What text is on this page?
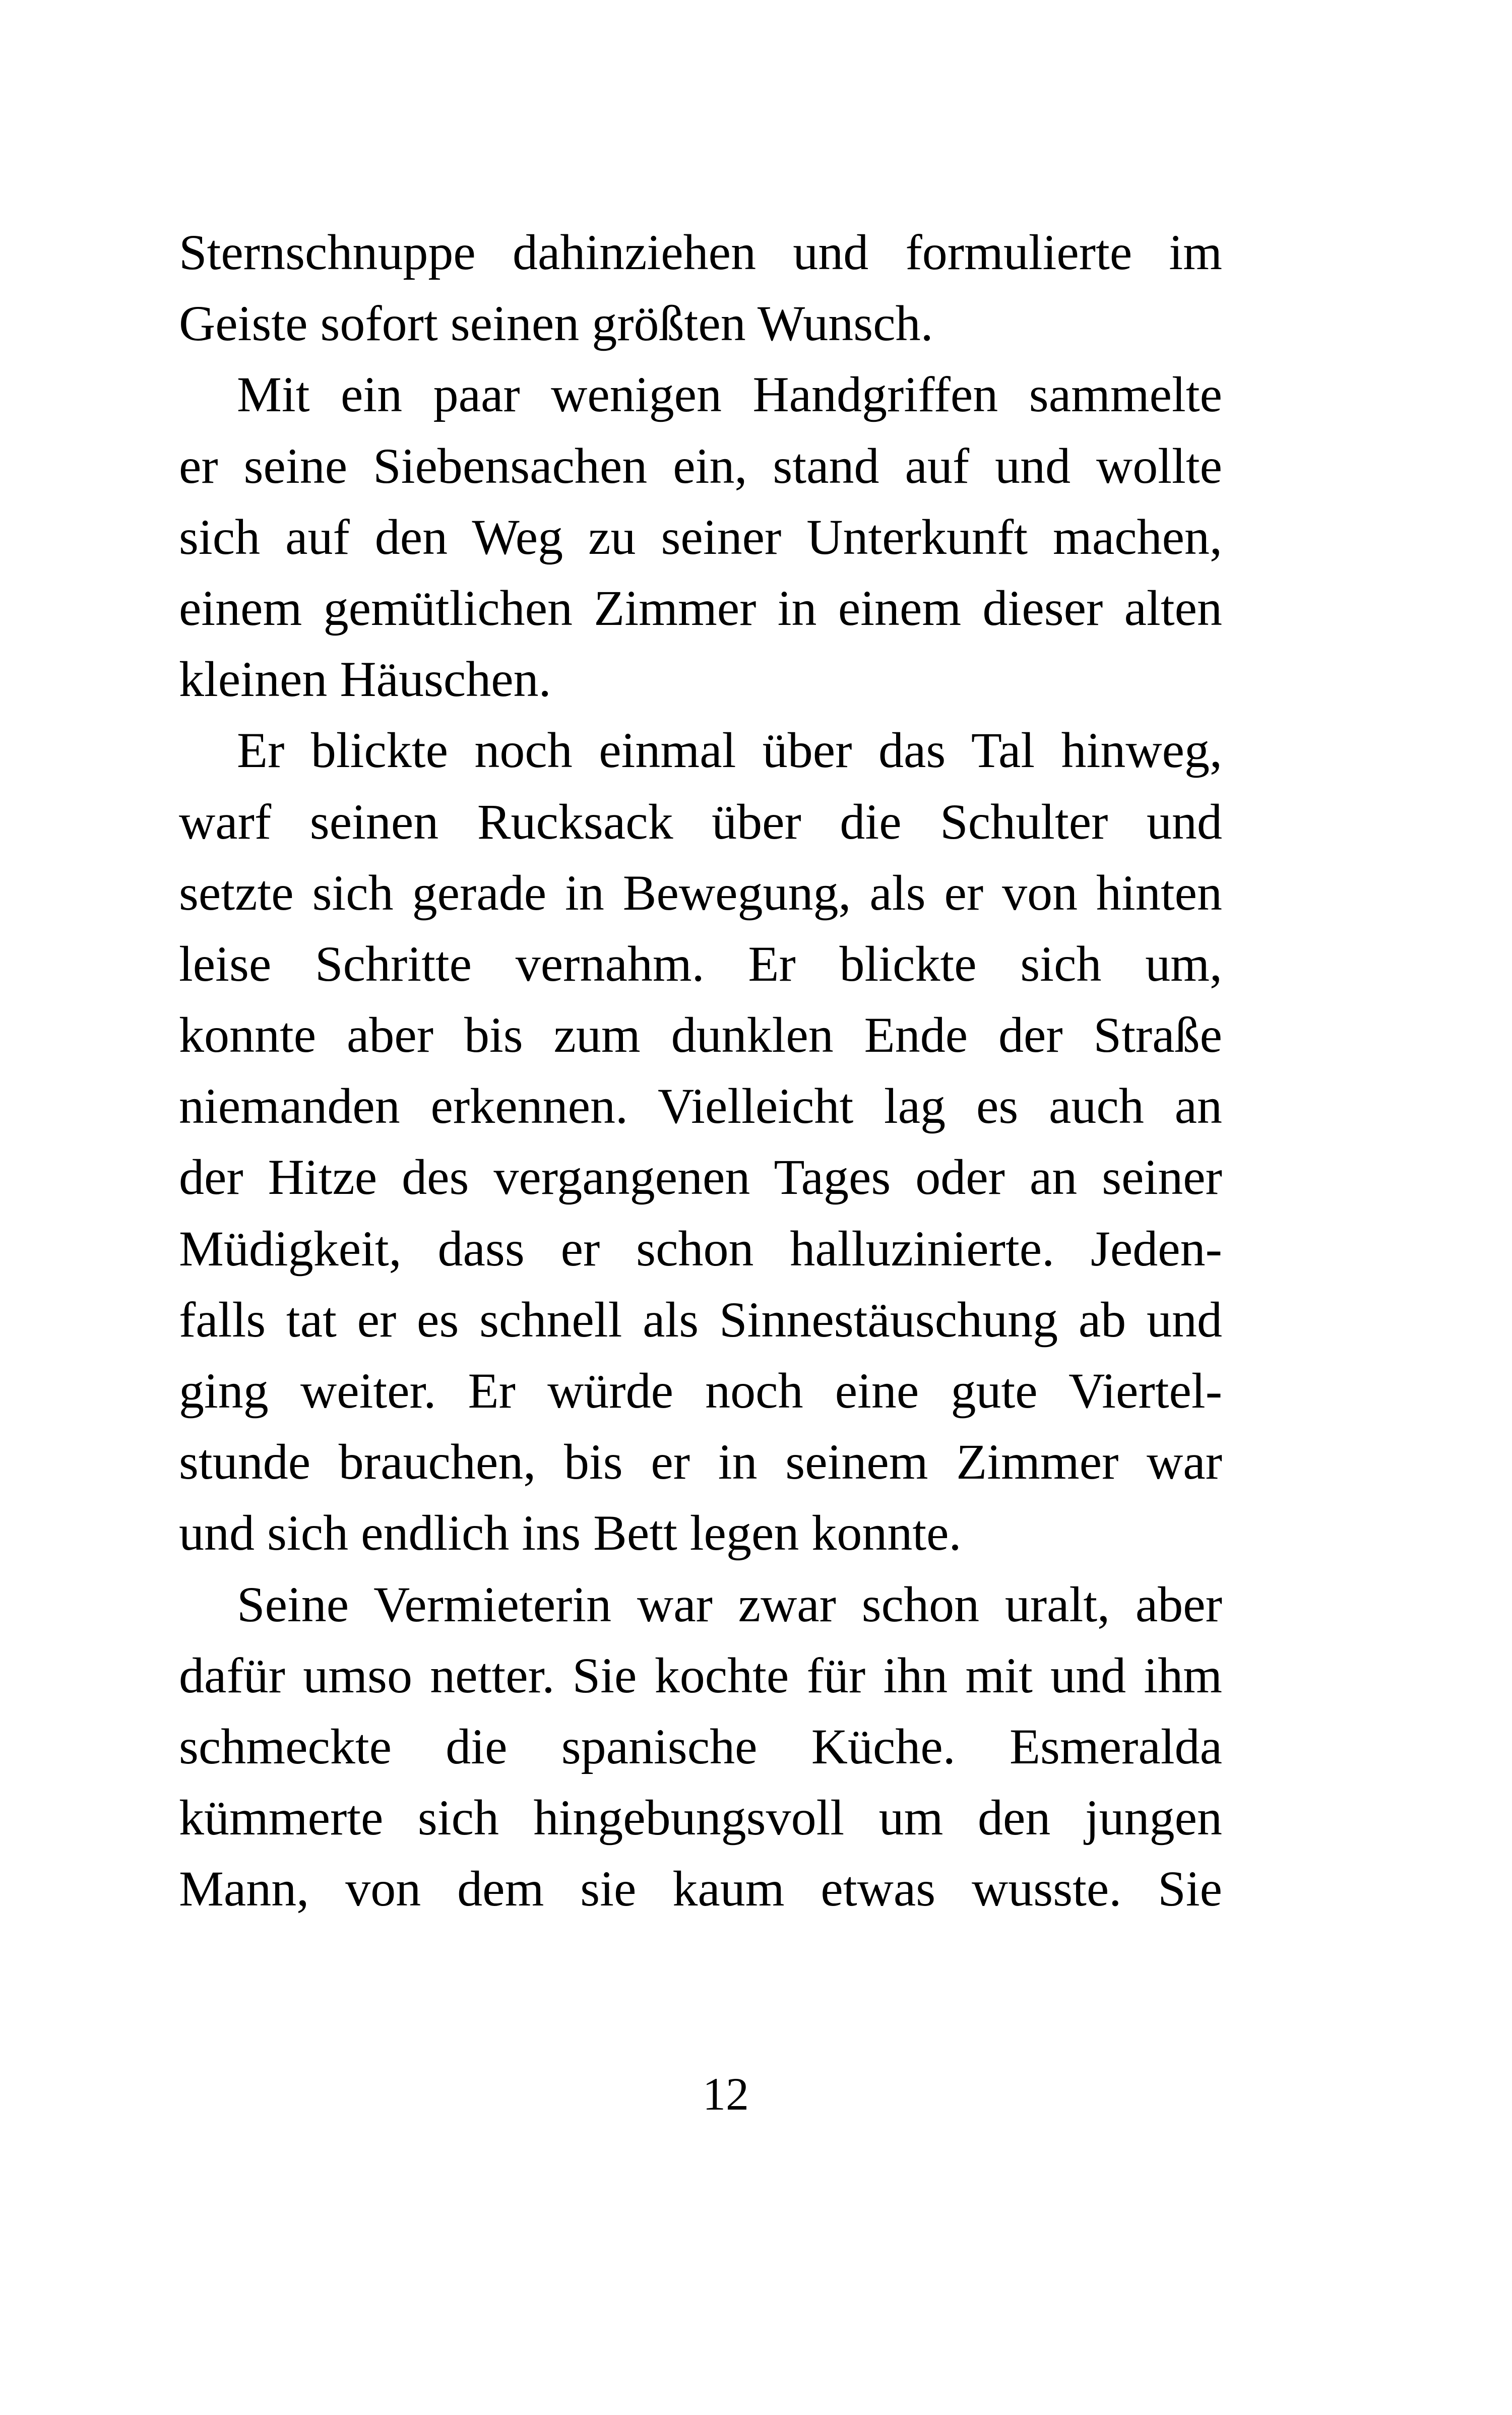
Sternschnuppe dahinziehen und formulierte im
Geiste sofort seinen größten Wunsch.
Mit ein paar wenigen Handgriffen sammelte
er seine Siebensachen ein, stand auf und wollte
sich auf den Weg zu seiner Unterkunft machen,
einem gemütlichen Zimmer in einem dieser alten
kleinen Häuschen.
Er blickte noch einmal über das Tal hinweg,
warf seinen Rucksack über die Schulter und
setzte sich gerade in Bewegung, als er von hinten
leise Schritte vernahm. Er blickte sich um,
konnte aber bis zum dunklen Ende der Straße
niemanden erkennen. Vielleicht lag es auch an
der Hitze des vergangenen Tages oder an seiner
Müdigkeit, dass er schon halluzinierte. Jeden-
falls tat er es schnell als Sinnestäuschung ab und
ging weiter. Er würde noch eine gute Viertel-
stunde brauchen, bis er in seinem Zimmer war
und sich endlich ins Bett legen konnte.
Seine Vermieterin war zwar schon uralt, aber
dafür umso netter. Sie kochte für ihn mit und ihm
schmeckte die spanische Küche. Esmeralda
kümmerte sich hingebungsvoll um den jungen
Mann, von dem sie kaum etwas wusste. Sie
12
